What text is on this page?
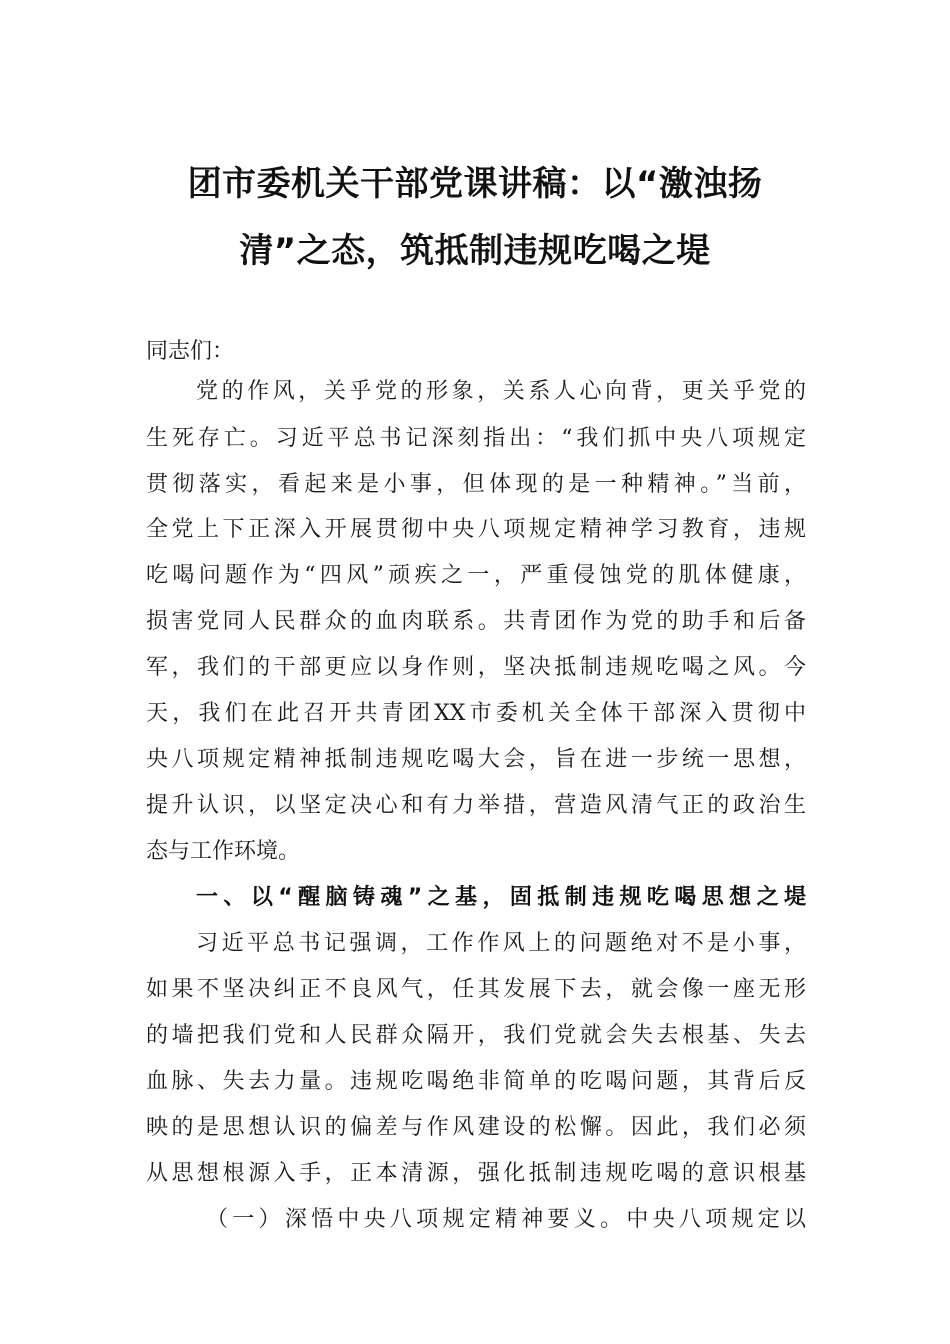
团市委机关干部党课讲稿：以“激浊扬
清”之态，筑抵制违规吃喝之堤
同志们：
党的作风，关乎党的形象，关系人心向背，更关乎党的
生死存亡。习近平总书记深刻指出：“我们抓中央八项规定
贯彻落实，看起来是小事，但体现的是一种精神。”当前，
全党上下正深入开展贯彻中央八项规定精神学习教育，违规
吃喝问题作为“四风”顽疾之一，严重侵蚀党的肌体健康，
损害党同人民群众的血肉联系。共青团作为党的助手和后备
军，我们的干部更应以身作则，坚决抵制违规吃喝之风。今
天，我们在此召开共青团XX市委机关全体干部深入贯彻中
央八项规定精神抵制违规吃喝大会，旨在进一步统一思想，
提升认识，以坚定决心和有力举措，营造风清气正的政治生
态与工作环境。
一、以“醒脑铸魂”之基，固抵制违规吃喝思想之堤
习近平总书记强调，工作作风上的问题绝对不是小事，
如果不坚决纠正不良风气，任其发展下去，就会像一座无形
的墙把我们党和人民群众隔开，我们党就会失去根基、失去
血脉、失去力量。违规吃喝绝非简单的吃喝问题，其背后反
映的是思想认识的偏差与作风建设的松懈。因此，我们必须
从思想根源入手，正本清源，强化抵制违规吃喝的意识根基
（一）深悟中央八项规定精神要义。中央八项规定以
